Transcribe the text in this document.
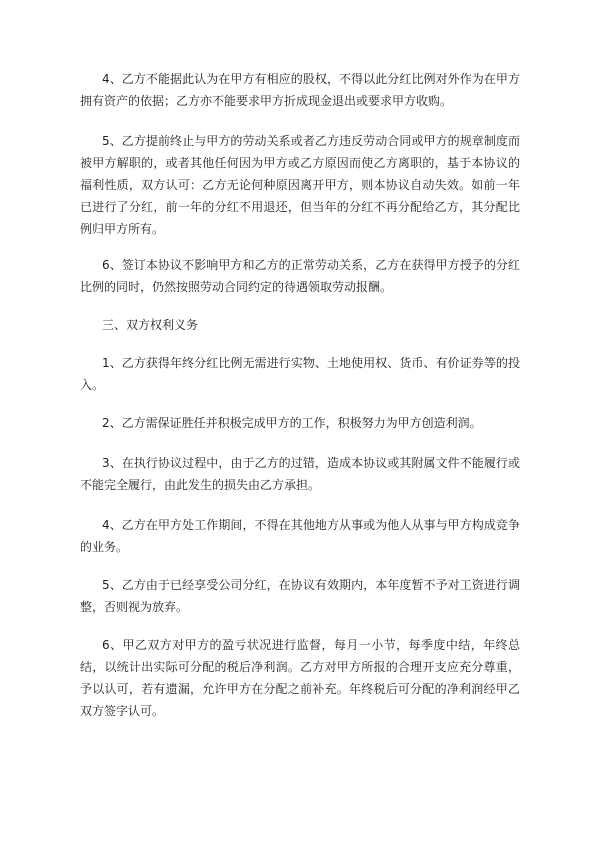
4、乙方不能据此认为在甲方有相应的股权，不得以此分红比例对外作为在甲方拥有资产的依据；乙方亦不能要求甲方折成现金退出或要求甲方收购。

5、乙方提前终止与甲方的劳动关系或者乙方违反劳动合同或甲方的规章制度而被甲方解职的，或者其他任何因为甲方或乙方原因而使乙方离职的，基于本协议的福利性质，双方认可：乙方无论何种原因离开甲方，则本协议自动失效。如前一年已进行了分红，前一年的分红不用退还，但当年的分红不再分配给乙方，其分配比例归甲方所有。

6、签订本协议不影响甲方和乙方的正常劳动关系，乙方在获得甲方授予的分红比例的同时，仍然按照劳动合同约定的待遇领取劳动报酬。

三、双方权利义务

1、乙方获得年终分红比例无需进行实物、土地使用权、货币、有价证券等的投入。

2、乙方需保证胜任并积极完成甲方的工作，积极努力为甲方创造利润。

3、在执行协议过程中，由于乙方的过错，造成本协议或其附属文件不能履行或不能完全履行，由此发生的损失由乙方承担。

4、乙方在甲方处工作期间，不得在其他地方从事或为他人从事与甲方构成竞争的业务。

5、乙方由于已经享受公司分红，在协议有效期内，本年度暂不予对工资进行调整，否则视为放弃。

6、甲乙双方对甲方的盈亏状况进行监督，每月一小节，每季度中结，年终总结，以统计出实际可分配的税后净利润。乙方对甲方所报的合理开支应充分尊重，予以认可，若有遗漏，允许甲方在分配之前补充。年终税后可分配的净利润经甲乙双方签字认可。
